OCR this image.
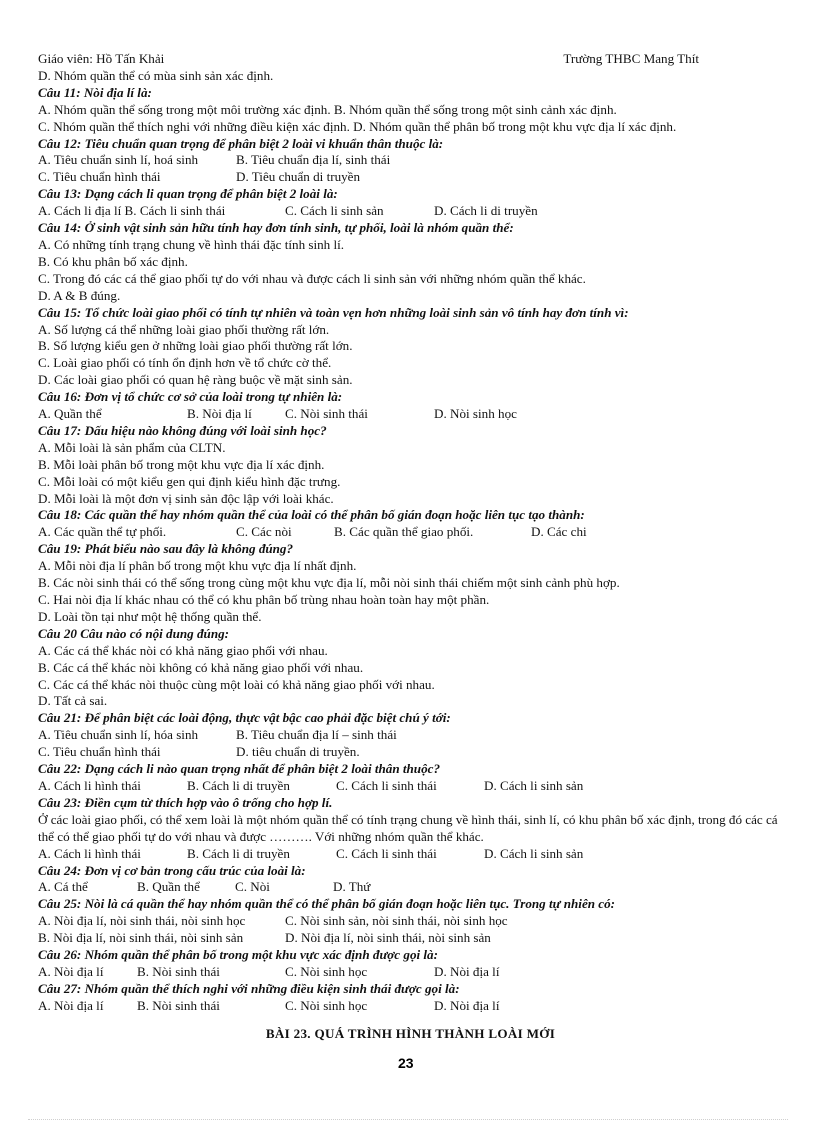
Giáo viên: Hồ Tấn Khải	Trường THBC Mang Thít
D. Nhóm quần thể có mùa sinh sản xác định.
Câu 11: Nòi địa lí là:
A. Nhóm quần thể sống trong một môi trường xác định. B. Nhóm quần thể sống trong một sinh cảnh xác định.
C. Nhóm quần thể thích nghi với những điều kiện xác định. D. Nhóm quần thể phân bố trong một khu vực địa lí xác định.
Câu 12: Tiêu chuẩn quan trọng để phân biệt 2 loài vi khuẩn thân thuộc là:
A. Tiêu chuẩn sinh lí, hoá sinh	B. Tiêu chuẩn địa lí, sinh thái
C. Tiêu chuẩn hình thái	D. Tiêu chuẩn di truyền
Câu 13: Dạng cách li quan trọng để phân biệt 2 loài là:
A. Cách li địa lí B. Cách li sinh thái	C. Cách li sinh sản	D. Cách li di truyền
Câu 14: Ở sinh vật sinh sản hữu tính hay đơn tính sinh, tự phối, loài là nhóm quần thể:
A. Có những tính trạng chung về hình thái đặc tính sinh lí.
B. Có khu phân bố xác định.
C. Trong đó các cá thể giao phối tự do với nhau và được cách li sinh sản với những nhóm quần thể khác.
D. A & B đúng.
Câu 15: Tổ chức loài giao phối có tính tự nhiên và toàn vẹn hơn những loài sinh sản vô tính hay đơn tính vì:
A. Số lượng cá thể những loài giao phối thường rất lớn.
B. Số lượng kiểu gen ở những loài giao phối thường rất lớn.
C. Loài giao phối có tính ổn định hơn về tổ chức cờ thể.
D. Các loài giao phối có quan hệ ràng buộc về mặt sinh sản.
Câu 16: Đơn vị tổ chức cơ sở của loài trong tự nhiên là:
A. Quần thể	B. Nòi địa lí	C. Nòi sinh thái	D. Nòi sinh học
Câu 17: Dấu hiệu nào không đúng với loài sinh học?
A. Mỗi loài là sản phẩm của CLTN.
B. Mỗi loài phân bố trong một khu vực địa lí xác định.
C. Mỗi loài có một kiểu gen qui định kiểu hình đặc trưng.
D. Mỗi loài là một đơn vị sinh sản độc lập với loài khác.
Câu 18: Các quần thể hay nhóm quần thể của loài có thể phân bố gián đoạn hoặc liên tục tạo thành:
A. Các quần thể tự phối.	C. Các nòi	B. Các quần thể giao phối.	D. Các chi
Câu 19: Phát biểu nào sau đây là không đúng?
A. Mỗi nòi địa lí phân bố trong một khu vực địa lí nhất định.
B. Các nòi sinh thái có thể sống trong cùng một khu vực địa lí, mỗi nòi sinh thái chiếm một sinh cảnh phù hợp.
C. Hai nòi địa lí khác nhau có thể có khu phân bố trùng nhau hoàn toàn hay một phần.
D. Loài tồn tại như một hệ thống quần thể.
Câu 20 Câu nào có nội dung đúng:
A. Các cá thể khác nòi có khả năng giao phối với nhau.
B. Các cá thể khác nòi không có khả năng giao phối với nhau.
C. Các cá thể khác nòi thuộc cùng một loài có khả năng giao phối với nhau.
D. Tất cả sai.
Câu 21: Để phân biệt các loài động, thực vật bậc cao phải đặc biệt chú ý tới:
A. Tiêu chuẩn sinh lí, hóa sinh	B. Tiêu chuẩn địa lí – sinh thái
C. Tiêu chuẩn hình thái	D. tiêu chuẩn di truyền.
Câu 22: Dạng cách li nào quan trọng nhất để phân biệt 2 loài thân thuộc?
A. Cách li hình thái	B. Cách li di truyền	C. Cách li sinh thái	D. Cách li sinh sản
Câu 23: Điền cụm từ thích hợp vào ô trống cho hợp lí.
Ở các loài giao phối, có thể xem loài là một nhóm quần thể có tính trạng chung về hình thái, sinh lí, có khu phân bố xác định, trong đó các cá thể có thể giao phối tự do với nhau và được ………. Với những nhóm quần thể khác.
A. Cách li hình thái	B. Cách li di truyền	C. Cách li sinh thái	D. Cách li sinh sản
Câu 24: Đơn vị cơ bản trong cấu trúc của loài là:
A. Cá thể	B. Quần thể	C. Nòi	D. Thứ
Câu 25: Nòi là cá quần thể hay nhóm quần thể có thể phân bố gián đoạn hoặc liên tục. Trong tự nhiên có:
A. Nòi địa lí, nòi sinh thái, nòi sinh học	C. Nòi sinh sản, nòi sinh thái, nòi sinh học
B. Nòi địa lí, nòi sinh thái, nòi sinh sản	D. Nòi địa lí, nòi sinh thái, nòi sinh sản
Câu 26: Nhóm quần thể phân bố trong một khu vực xác định được gọi là:
A. Nòi địa lí	B. Nòi sinh thái	C. Nòi sinh học	D. Nòi địa lí
Câu 27: Nhóm quần thể thích nghi với những điều kiện sinh thái được gọi là:
A. Nòi địa lí	B. Nòi sinh thái	C. Nòi sinh học	D. Nòi địa lí
BÀI 23. QUÁ TRÌNH HÌNH THÀNH LOÀI MỚI
23
